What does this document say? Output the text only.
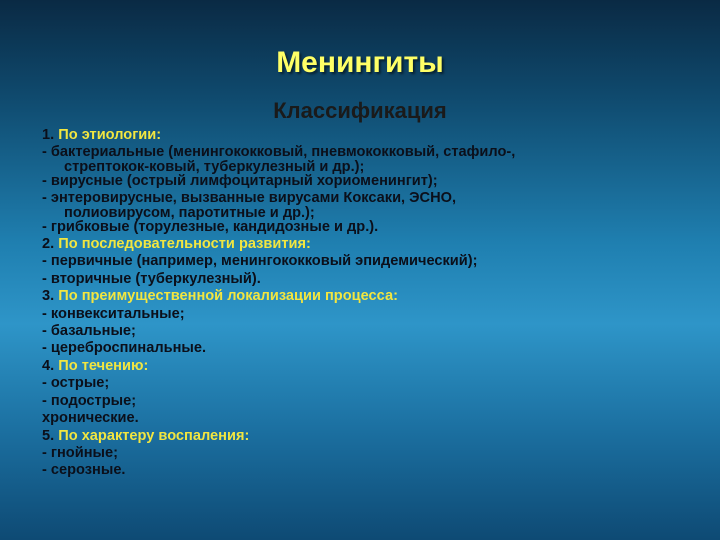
Менингиты
Классификация
1. По этиологии:
- бактериальные (менингококковый, пневмококковый, стафило-,
стрептокок-ковый, туберкулезный и др.);
- вирусные (острый лимфоцитарный хориоменингит);
- энтеровирусные, вызванные вирусами Коксаки, ЭСНО,
полиовирусом, паротитные и др.);
- грибковые (торулезные, кандидозные и др.).
2. По последовательности развития:
- первичные (например, менингококковый эпидемический);
- вторичные (туберкулезный).
3. По преимущественной локализации процесса:
- конвекситальные;
- базальные;
- цереброспинальные.
4. По течению:
- острые;
- подострые;
хронические.
5. По характеру воспаления:
- гнойные;
- серозные.
